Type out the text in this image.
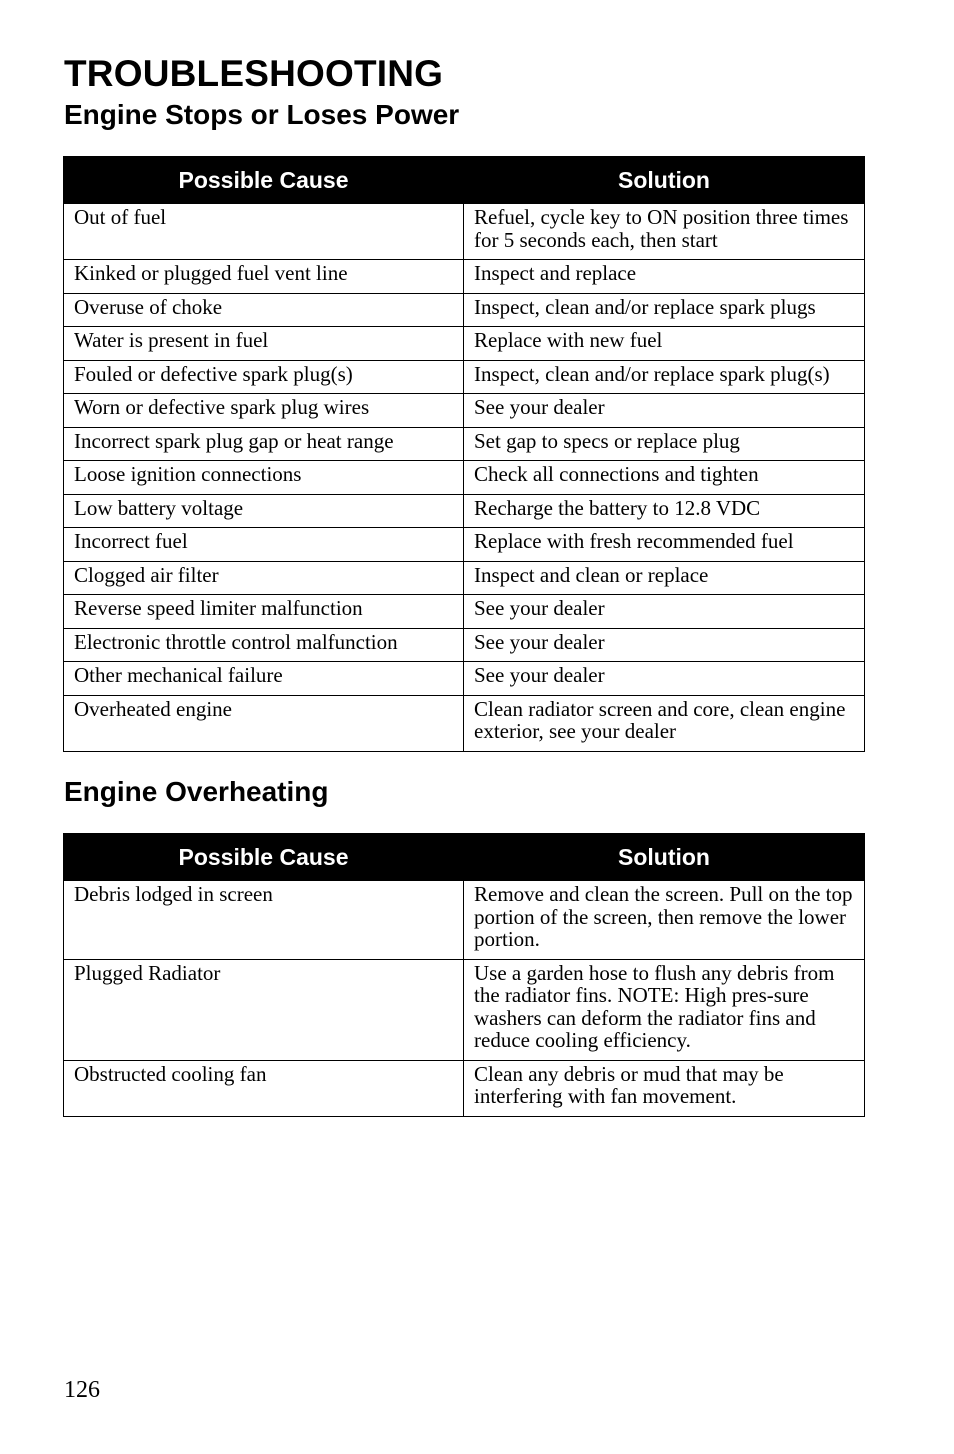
TROUBLESHOOTING
Engine Stops or Loses Power
Possible Cause	Solution
Out of fuel	Refuel, cycle key to ON position three times for 5 seconds each, then start
Kinked or plugged fuel vent line	Inspect and replace
Overuse of choke	Inspect, clean and/or replace spark plugs
Water is present in fuel	Replace with new fuel
Fouled or defective spark plug(s)	Inspect, clean and/or replace spark plug(s)
Worn or defective spark plug wires	See your dealer
Incorrect spark plug gap or heat range	Set gap to specs or replace plug
Loose ignition connections	Check all connections and tighten
Low battery voltage	Recharge the battery to 12.8 VDC
Incorrect fuel	Replace with fresh recommended fuel
Clogged air filter	Inspect and clean or replace
Reverse speed limiter malfunction	See your dealer
Electronic throttle control malfunction	See your dealer
Other mechanical failure	See your dealer
Overheated engine	Clean radiator screen and core, clean engine exterior, see your dealer
Engine Overheating
Possible Cause	Solution
Debris lodged in screen	Remove and clean the screen. Pull on the top portion of the screen, then remove the lower portion.
Plugged Radiator	Use a garden hose to flush any debris from the radiator fins. NOTE: High pres-sure washers can deform the radiator fins and reduce cooling efficiency.
Obstructed cooling fan	Clean any debris or mud that may be interfering with fan movement.
126
